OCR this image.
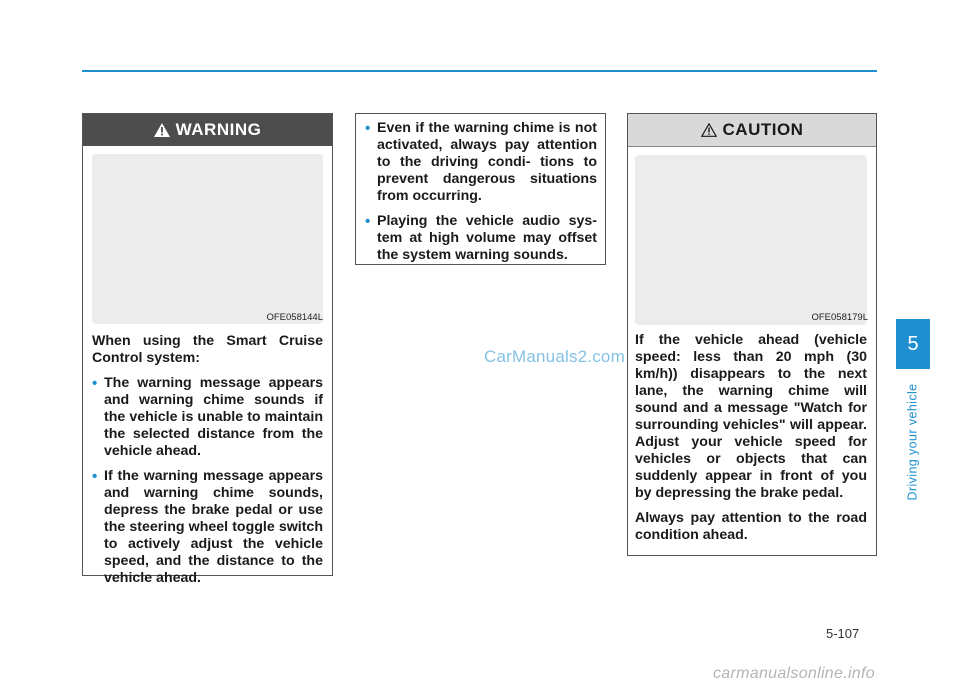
WARNING
OFE058144L

When using the Smart Cruise Control system:

• The warning message appears and warning chime sounds if the vehicle is unable to maintain the selected distance from the vehicle ahead.
• If the warning message appears and warning chime sounds, depress the brake pedal or use the steering wheel toggle switch to actively adjust the vehicle speed, and the distance to the vehicle ahead.
• Even if the warning chime is not activated, always pay attention to the driving condi- tions to prevent dangerous situations from occurring.
• Playing the vehicle audio sys- tem at high volume may offset the system warning sounds.
CAUTION
OFE058179L

If the vehicle ahead (vehicle speed: less than 20 mph (30 km/h)) disappears to the next lane, the warning chime will sound and a message "Watch for surrounding vehicles" will appear. Adjust your vehicle speed for vehicles or objects that can suddenly appear in front of you by depressing the brake pedal.

Always pay attention to the road condition ahead.

CarManuals2.com
5
Driving your vehicle
5-107
carmanualsonline.info
